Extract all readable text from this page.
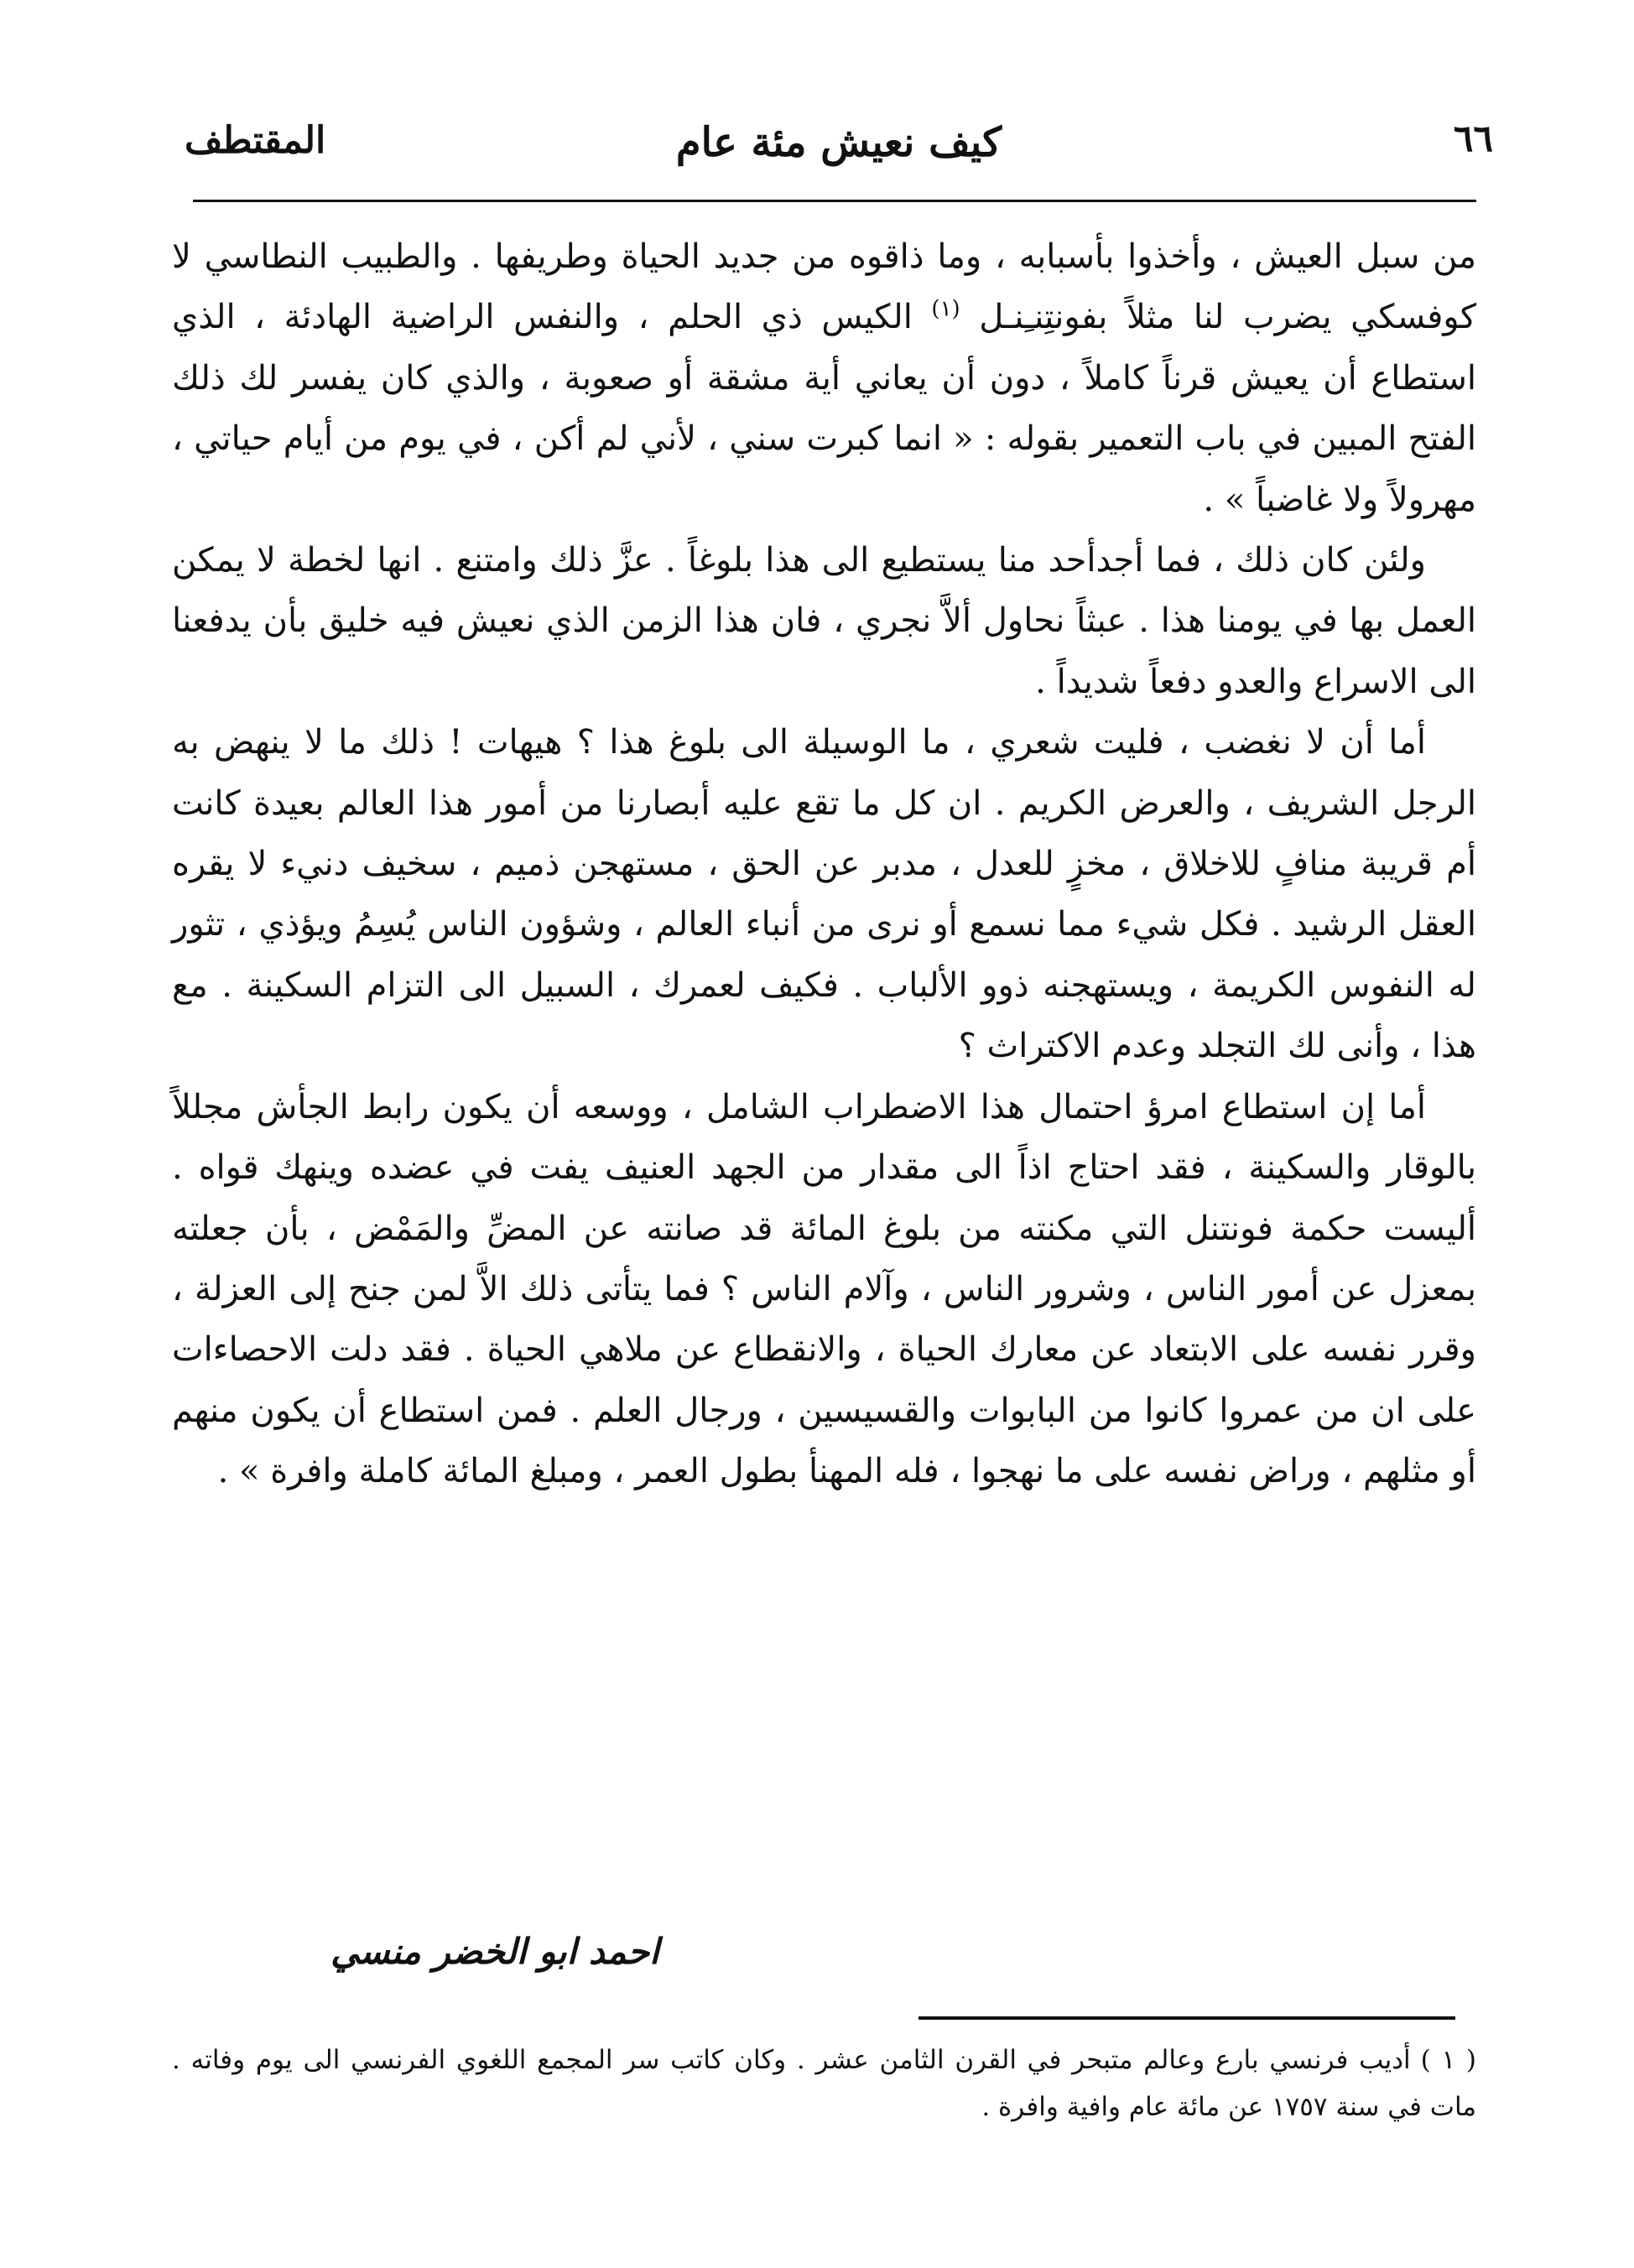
٦٦
كيف نعيش مئة عام
المقتطف

من سبل العيش ، وأخذوا بأسبابه ، وما ذاقوه من جديد الحياة وطريفها . والطبيب النطاسي لا كوفسكي يضرب لنا مثلاً بفونتِنـِنـل $^{(١)}$ الكيس ذي الحلم ، والنفس الراضية الهادئة ، الذي استطاع أن يعيش قرناً كاملاً ، دون أن يعاني أية مشقة أو صعوبة ، والذي كان يفسر لك ذلك الفتح المبين في باب التعمير بقوله : « انما كبرت سني ، لأني لم أكن ، في يوم من أيام حياتي ، مهرولاً ولا غاضباً » .

ولئن كان ذلك ، فما أجدأحد منا يستطيع الى هذا بلوغاً . عزَّ ذلك وامتنع . انها لخطة لا يمكن العمل بها في يومنا هذا . عبثاً نحاول ألاَّ نجري ، فان هذا الزمن الذي نعيش فيه خليق بأن يدفعنا الى الاسراع والعدو دفعاً شديداً .

أما أن لا نغضب ، فليت شعري ، ما الوسيلة الى بلوغ هذا ؟ هيهات ! ذلك ما لا ينهض به الرجل الشريف ، والعرض الكريم . ان كل ما تقع عليه أبصارنا من أمور هذا العالم بعيدة كانت أم قريبة منافٍ للاخلاق ، مخزٍ للعدل ، مدبر عن الحق ، مستهجن ذميم ، سخيف دنيء لا يقره العقل الرشيد . فكل شيء مما نسمع أو نرى من أنباء العالم ، وشؤون الناس يُسِمُ ويؤذي ، تثور له النفوس الكريمة ، ويستهجنه ذوو الألباب . فكيف لعمرك ، السبيل الى التزام السكينة . مع هذا ، وأنى لك التجلد وعدم الاكتراث ؟

أما إن استطاع امرؤ احتمال هذا الاضطراب الشامل ، ووسعه أن يكون رابط الجأش مجللاً بالوقار والسكينة ، فقد احتاج اذاً الى مقدار من الجهد العنيف يفت في عضده وينهك قواه . أليست حكمة فونتنل التي مكنته من بلوغ المائة قد صانته عن المضِّ والمَمْض ، بأن جعلته بمعزل عن أمور الناس ، وشرور الناس ، وآلام الناس ؟ فما يتأتى ذلك الاَّ لمن جنح إلى العزلة ، وقرر نفسه على الابتعاد عن معارك الحياة ، والانقطاع عن ملاهي الحياة . فقد دلت الاحصاءات على ان من عمروا كانوا من البابوات والقسيسين ، ورجال العلم . فمن استطاع أن يكون منهم أو مثلهم ، وراض نفسه على ما نهجوا ، فله المهنأ بطول العمر ، ومبلغ المائة كاملة وافرة » .

احمد ابو الخضر منسي

( ١ )أديب فرنسي بارع وعالم متبحر في القرن الثامن عشر . وكان كاتب سر المجمع اللغوي الفرنسي الى يوم وفاته . مات في سنة ١٧٥٧ عن مائة عام وافية وافرة .
